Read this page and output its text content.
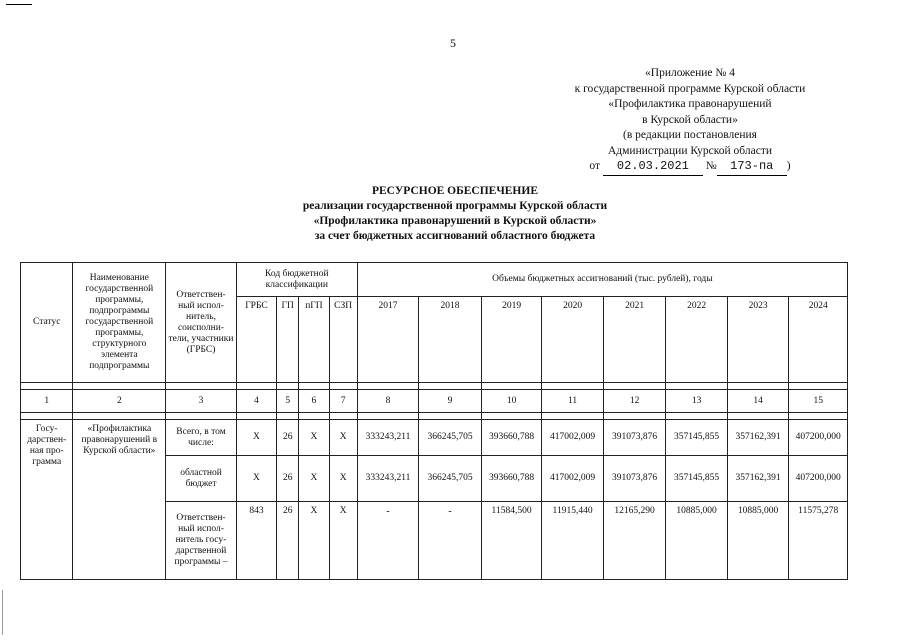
5
«Приложение № 4
к государственной программе Курской области
«Профилактика правонарушений
в Курской области»
(в редакции постановления
Администрации Курской области
от 02.03.2021 № 173-па )
РЕСУРСНОЕ ОБЕСПЕЧЕНИЕ
реализации государственной программы Курской области
«Профилактика правонарушений в Курской области»
за счет бюджетных ассигнований областного бюджета
Статус	Наименование государственной программы, подпрограммы государственной программы, структурного элемента подпрограммы	Ответствен-ный испол-нитель, соисполни-тели, участники (ГРБС)	Код бюджетной классификации				Объемы бюджетных ассигнований (тыс. рублей), годы							
			ГРБС	ГП	пГП	СЗП	2017	2018	2019	2020	2021	2022	2023	2024

1	2	3	4	5	6	7	8	9	10	11	12	13	14	15

Госу-дарствен-ная про-грамма	«Профилактика правонарушений в Курской области»	Всего, в том числе:	Х	26	Х	Х	333243,211	366245,705	393660,788	417002,009	391073,876	357145,855	357162,391	407200,000
		областной бюджет	Х	26	Х	Х	333243,211	366245,705	393660,788	417002,009	391073,876	357145,855	357162,391	407200,000
		Ответствен-ный испол-нитель госу-дарственной программы –	843	26	Х	Х	-	-	11584,500	11915,440	12165,290	10885,000	10885,000	11575,278
